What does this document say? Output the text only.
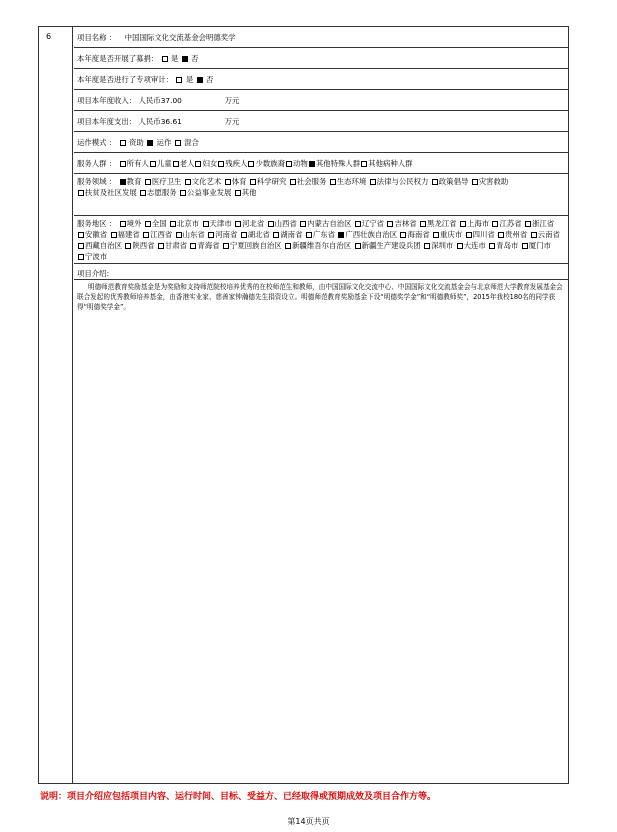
6	项目名称 ： 中国国际文化交流基金会明德奖学
本年度是否开展了募捐： 是 否
本年度是否进行了专项审计： 是 否
项目本年度收入： 人民币37.00	万元
项目本年度支出： 人民币36.61	万元
运作模式 ： 资助 运作 混合
服务人群 ： 所有人 儿童 老人 妇女 残疾人 少数族裔 动物 其他特殊人群 其他病种人群
服务领域 ： 教育 医疗卫生 文化艺术 体育 科学研究 社会服务 生态环境 法律与公民权力 政策倡导 灾害救助 扶贫及社区发展 志愿服务 公益事业发展 其他
服务地区 ： 境外 全国 北京市 天津市 河北省 山西省 内蒙古自治区 辽宁省 吉林省 黑龙江省 上海市 江苏省 浙江省 安徽省 福建省 江西省 山东省 河南省 湖北省 湖南省 广东省 广西壮族自治区 海南省 重庆市 四川省 贵州省 云南省 西藏自治区 陕西省 甘肃省 青海省 宁夏回族自治区 新疆维吾尔自治区 新疆生产建设兵团 深圳市 大连市 青岛市 厦门市 宁波市
项目介绍:
明德师范教育奖励基金是为奖励和支持师范院校培养优秀的在校师范生和教师，由中国国际文化交流中心、中国国际文化交流基金会与北京师范大学教育发展基金会联合发起的优秀教师培养基金，由香港实业家、慈善家钟瀚德先生捐资设立。明德师范教育奖励基金下设“明德奖学金”和“明德教师奖”，2015年我校180名的同学获得“明德奖学金”。
说明：项目介绍应包括项目内容、运行时间、目标、受益方、已经取得或预期成效及项目合作方等。
第14页共页
